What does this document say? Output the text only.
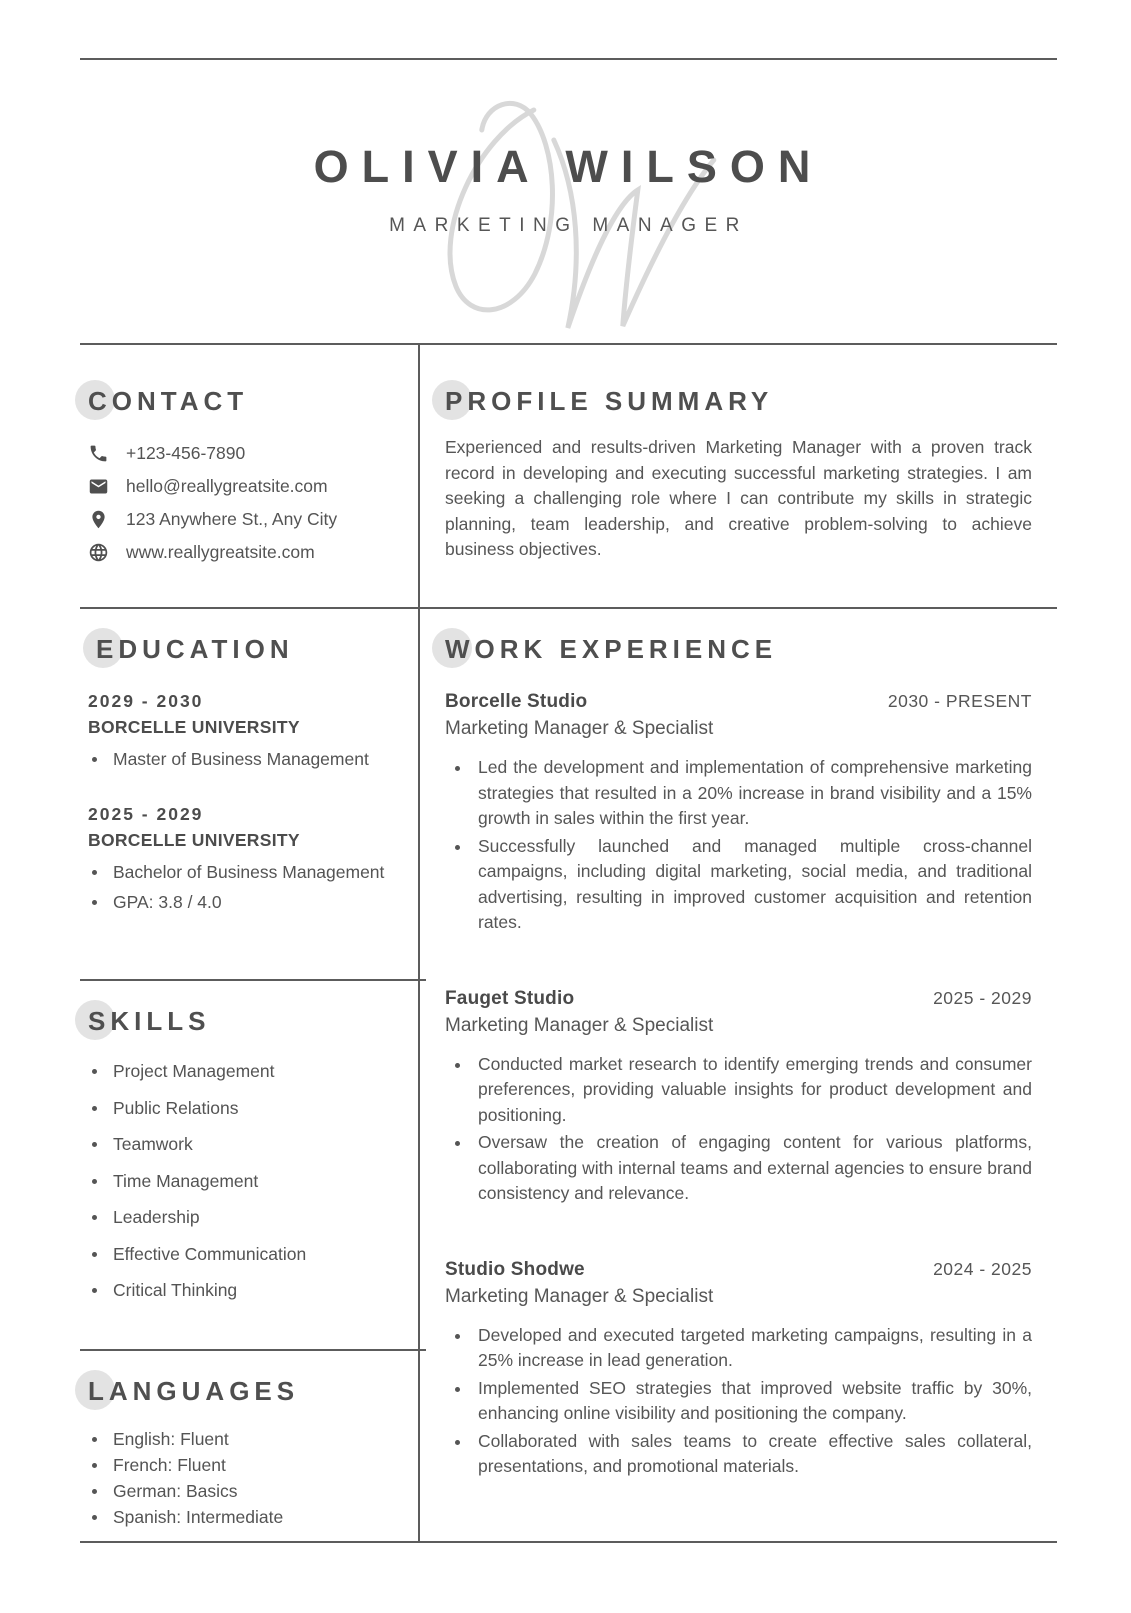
OLIVIA WILSON
MARKETING MANAGER
CONTACT
+123-456-7890
hello@reallygreatsite.com
123 Anywhere St., Any City
www.reallygreatsite.com
PROFILE SUMMARY

Experienced and results-driven Marketing Manager with a proven track record in developing and executing successful marketing strategies. I am seeking a challenging role where I can contribute my skills in strategic planning, team leadership, and creative problem-solving to achieve business objectives.

EDUCATION
2029 - 2030
BORCELLE UNIVERSITY
Master of Business Management
2025 - 2029
BORCELLE UNIVERSITY
Bachelor of Business Management
GPA: 3.8 / 4.0
SKILLS
Project Management
Public Relations
Teamwork
Time Management
Leadership
Effective Communication
Critical Thinking
LANGUAGES
English: Fluent
French: Fluent
German: Basics
Spanish: Intermediate
WORK EXPERIENCE
Borcelle Studio	2030 - PRESENT
Marketing Manager & Specialist
Led the development and implementation of comprehensive marketing strategies that resulted in a 20% increase in brand visibility and a 15% growth in sales within the first year.
Successfully launched and managed multiple cross-channel campaigns, including digital marketing, social media, and traditional advertising, resulting in improved customer acquisition and retention rates.
Fauget Studio	2025 - 2029
Marketing Manager & Specialist
Conducted market research to identify emerging trends and consumer preferences, providing valuable insights for product development and positioning.
Oversaw the creation of engaging content for various platforms, collaborating with internal teams and external agencies to ensure brand consistency and relevance.
Studio Shodwe	2024 - 2025
Marketing Manager & Specialist
Developed and executed targeted marketing campaigns, resulting in a 25% increase in lead generation.
Implemented SEO strategies that improved website traffic by 30%, enhancing online visibility and positioning the company.
Collaborated with sales teams to create effective sales collateral, presentations, and promotional materials.
